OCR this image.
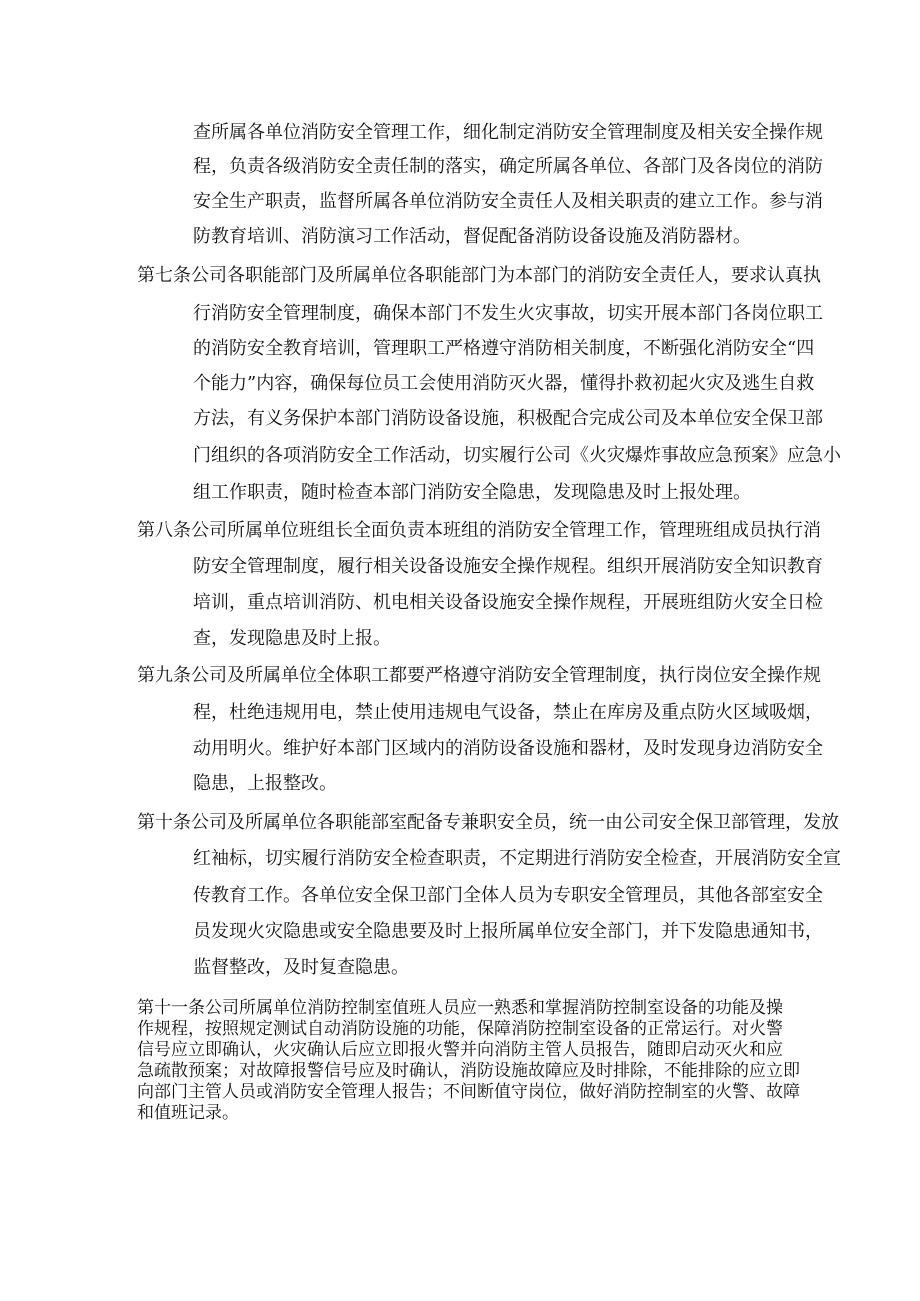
查所属各单位消防安全管理工作，细化制定消防安全管理制度及相关安全操作规
程，负责各级消防安全责任制的落实，确定所属各单位、各部门及各岗位的消防
安全生产职责，监督所属各单位消防安全责任人及相关职责的建立工作。参与消
防教育培训、消防演习工作活动，督促配备消防设备设施及消防器材。
第七条公司各职能部门及所属单位各职能部门为本部门的消防安全责任人，要求认真执
行消防安全管理制度，确保本部门不发生火灾事故，切实开展本部门各岗位职工
的消防安全教育培训，管理职工严格遵守消防相关制度，不断强化消防安全“四
个能力”内容，确保每位员工会使用消防灭火器，懂得扑救初起火灾及逃生自救
方法，有义务保护本部门消防设备设施，积极配合完成公司及本单位安全保卫部
门组织的各项消防安全工作活动，切实履行公司《火灾爆炸事故应急预案》应急小
组工作职责，随时检查本部门消防安全隐患，发现隐患及时上报处理。
第八条公司所属单位班组长全面负责本班组的消防安全管理工作，管理班组成员执行消
防安全管理制度，履行相关设备设施安全操作规程。组织开展消防安全知识教育
培训，重点培训消防、机电相关设备设施安全操作规程，开展班组防火安全日检
查，发现隐患及时上报。
第九条公司及所属单位全体职工都要严格遵守消防安全管理制度，执行岗位安全操作规
程，杜绝违规用电，禁止使用违规电气设备，禁止在库房及重点防火区域吸烟，
动用明火。维护好本部门区域内的消防设备设施和器材，及时发现身边消防安全
隐患，上报整改。
第十条公司及所属单位各职能部室配备专兼职安全员，统一由公司安全保卫部管理，发放
红袖标，切实履行消防安全检查职责，不定期进行消防安全检查，开展消防安全宣
传教育工作。各单位安全保卫部门全体人员为专职安全管理员，其他各部室安全
员发现火灾隐患或安全隐患要及时上报所属单位安全部门，并下发隐患通知书，
监督整改，及时复查隐患。
第十一条公司所属单位消防控制室值班人员应一熟悉和掌握消防控制室设备的功能及操
作规程，按照规定测试自动消防设施的功能，保障消防控制室设备的正常运行。对火警
信号应立即确认，火灾确认后应立即报火警并向消防主管人员报告，随即启动灭火和应
急疏散预案；对故障报警信号应及时确认，消防设施故障应及时排除，不能排除的应立即
向部门主管人员或消防安全管理人报告；不间断值守岗位，做好消防控制室的火警、故障
和值班记录。
